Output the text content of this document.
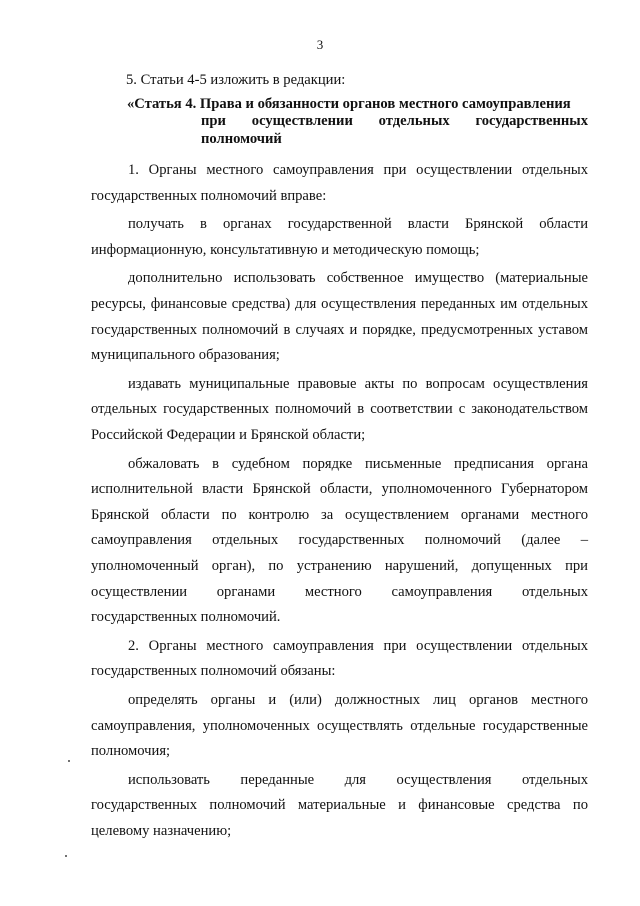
3

5. Статьи 4-5 изложить в редакции:

«Статья 4. Права и обязанности органов местного самоуправления
при осуществлении отдельных государственных полномочий

1. Органы местного самоуправления при осуществлении отдельных государственных полномочий вправе:

получать в органах государственной власти Брянской области информационную, консультативную и методическую помощь;

дополнительно использовать собственное имущество (материальные ресурсы, финансовые средства) для осуществления переданных им отдельных государственных полномочий в случаях и порядке, предусмотренных уставом муниципального образования;

издавать муниципальные правовые акты по вопросам осуществления отдельных государственных полномочий в соответствии с законодательством Российской Федерации и Брянской области;

обжаловать в судебном порядке письменные предписания органа исполнительной власти Брянской области, уполномоченного Губернатором Брянской области по контролю за осуществлением органами местного самоуправления отдельных государственных полномочий (далее – уполномоченный орган), по устранению нарушений, допущенных при осуществлении органами местного самоуправления отдельных государственных полномочий.

2. Органы местного самоуправления при осуществлении отдельных государственных полномочий обязаны:

определять органы и (или) должностных лиц органов местного самоуправления, уполномоченных осуществлять отдельные государственные полномочия;

использовать переданные для осуществления отдельных государственных полномочий материальные и финансовые средства по целевому назначению;
